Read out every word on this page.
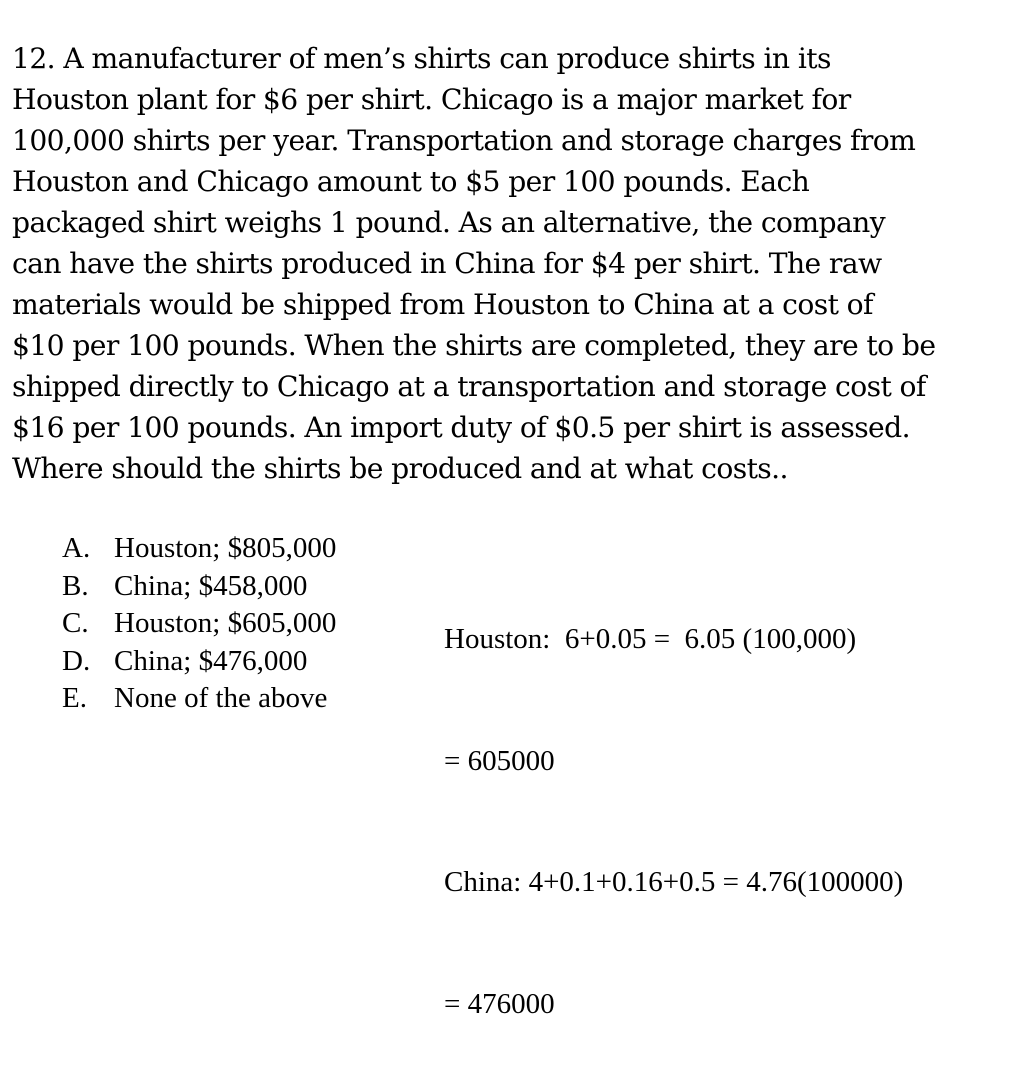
12. A manufacturer of men’s shirts can produce shirts in its
Houston plant for $6 per shirt. Chicago is a major market for
100,000 shirts per year. Transportation and storage charges from
Houston and Chicago amount to $5 per 100 pounds. Each
packaged shirt weighs 1 pound. As an alternative, the company
can have the shirts produced in China for $4 per shirt. The raw
materials would be shipped from Houston to China at a cost of
$10 per 100 pounds. When the shirts are completed, they are to be
shipped directly to Chicago at a transportation and storage cost of
$16 per 100 pounds. An import duty of $0.5 per shirt is assessed.
Where should the shirts be produced and at what costs..
A. Houston; $805,000
B. China; $458,000
C. Houston; $605,000
D. China; $476,000
E. None of the above

Houston:  6+0.05 =  6.05 (100,000)

= 605000

China: 4+0.1+0.16+0.5 = 4.76(100000)

= 476000
